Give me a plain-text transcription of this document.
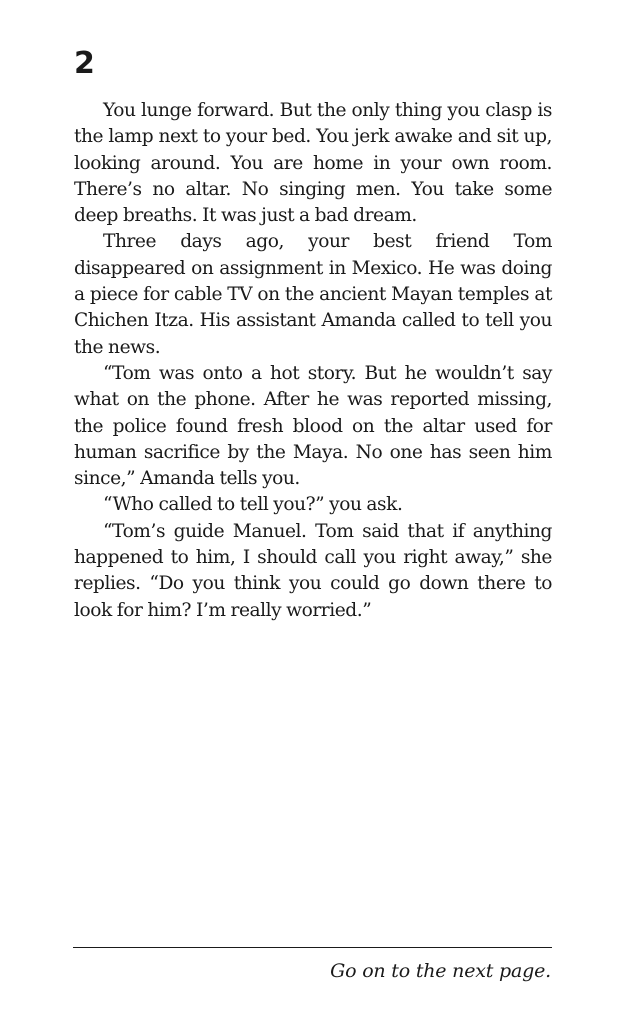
2

You lunge forward. But the only thing you clasp is the lamp next to your bed. You jerk awake and sit up, looking around. You are home in your own room. There’s no altar. No singing men. You take some deep breaths. It was just a bad dream.

Three days ago, your best friend Tom disappeared on assignment in Mexico. He was doing a piece for cable TV on the ancient Mayan temples at Chichen Itza. His assistant Amanda called to tell you the news.

“Tom was onto a hot story. But he wouldn’t say what on the phone. After he was reported missing, the police found fresh blood on the altar used for human sacrifice by the Maya. No one has seen him since,” Amanda tells you.

“Who called to tell you?” you ask.

“Tom’s guide Manuel. Tom said that if anything happened to him, I should call you right away,” she replies. “Do you think you could go down there to look for him? I’m really worried.”

Go on to the next page.
